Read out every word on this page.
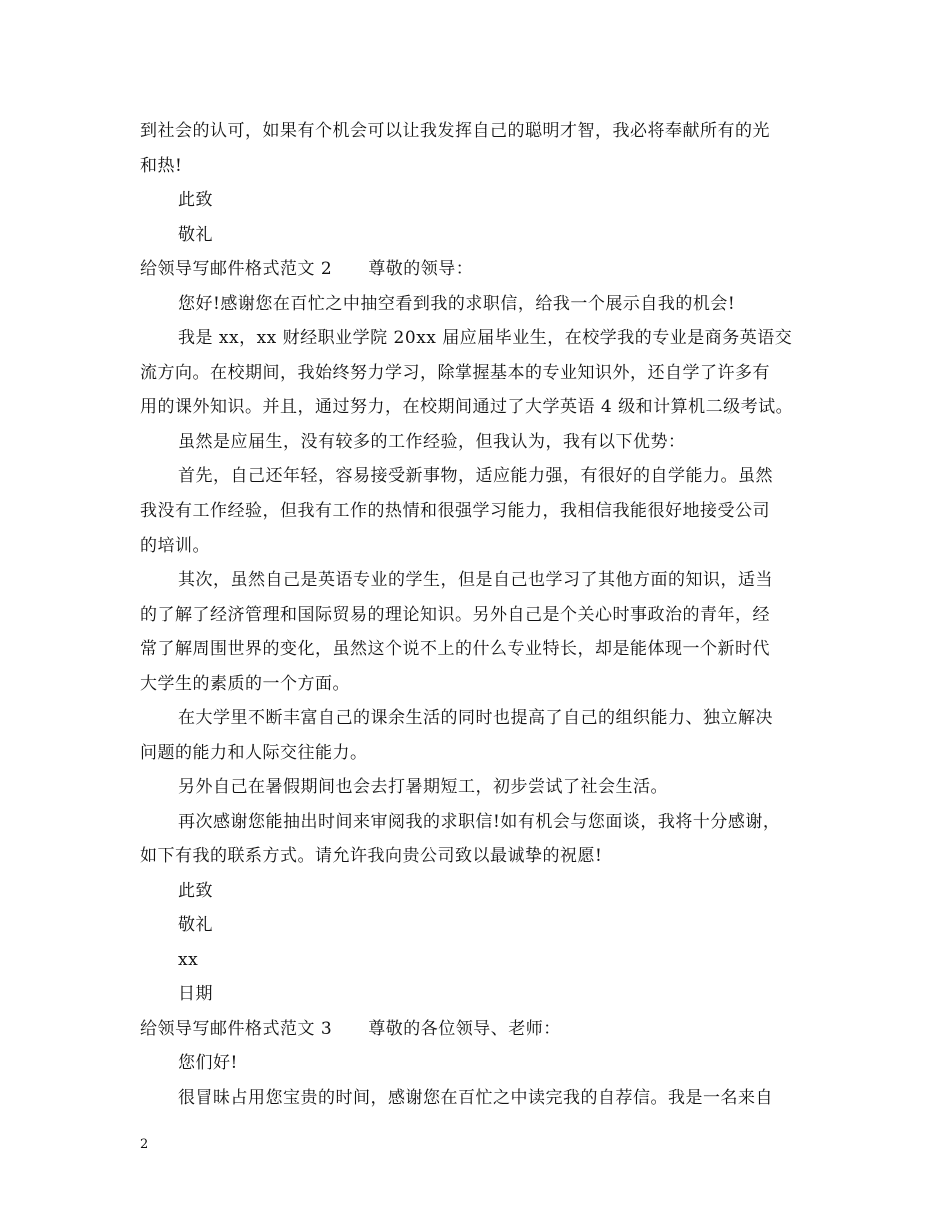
到社会的认可，如果有个机会可以让我发挥自己的聪明才智，我必将奉献所有的光
和热!
此致
敬礼
给领导写邮件格式范文 2 尊敬的领导：
您好!感谢您在百忙之中抽空看到我的求职信，给我一个展示自我的机会!
我是 xx，xx 财经职业学院 20xx 届应届毕业生，在校学我的专业是商务英语交
流方向。在校期间，我始终努力学习，除掌握基本的专业知识外，还自学了许多有
用的课外知识。并且，通过努力，在校期间通过了大学英语 4 级和计算机二级考试。
虽然是应届生，没有较多的工作经验，但我认为，我有以下优势：
首先，自己还年轻，容易接受新事物，适应能力强，有很好的自学能力。虽然
我没有工作经验，但我有工作的热情和很强学习能力，我相信我能很好地接受公司
的培训。
其次，虽然自己是英语专业的学生，但是自己也学习了其他方面的知识，适当
的了解了经济管理和国际贸易的理论知识。另外自己是个关心时事政治的青年，经
常了解周围世界的变化，虽然这个说不上的什么专业特长，却是能体现一个新时代
大学生的素质的一个方面。
在大学里不断丰富自己的课余生活的同时也提高了自己的组织能力、独立解决
问题的能力和人际交往能力。
另外自己在暑假期间也会去打暑期短工，初步尝试了社会生活。
再次感谢您能抽出时间来审阅我的求职信!如有机会与您面谈，我将十分感谢，
如下有我的联系方式。请允许我向贵公司致以最诚挚的祝愿!
此致
敬礼
xx
日期
给领导写邮件格式范文 3 尊敬的各位领导、老师：
您们好!
很冒昧占用您宝贵的时间，感谢您在百忙之中读完我的自荐信。我是一名来自
2
